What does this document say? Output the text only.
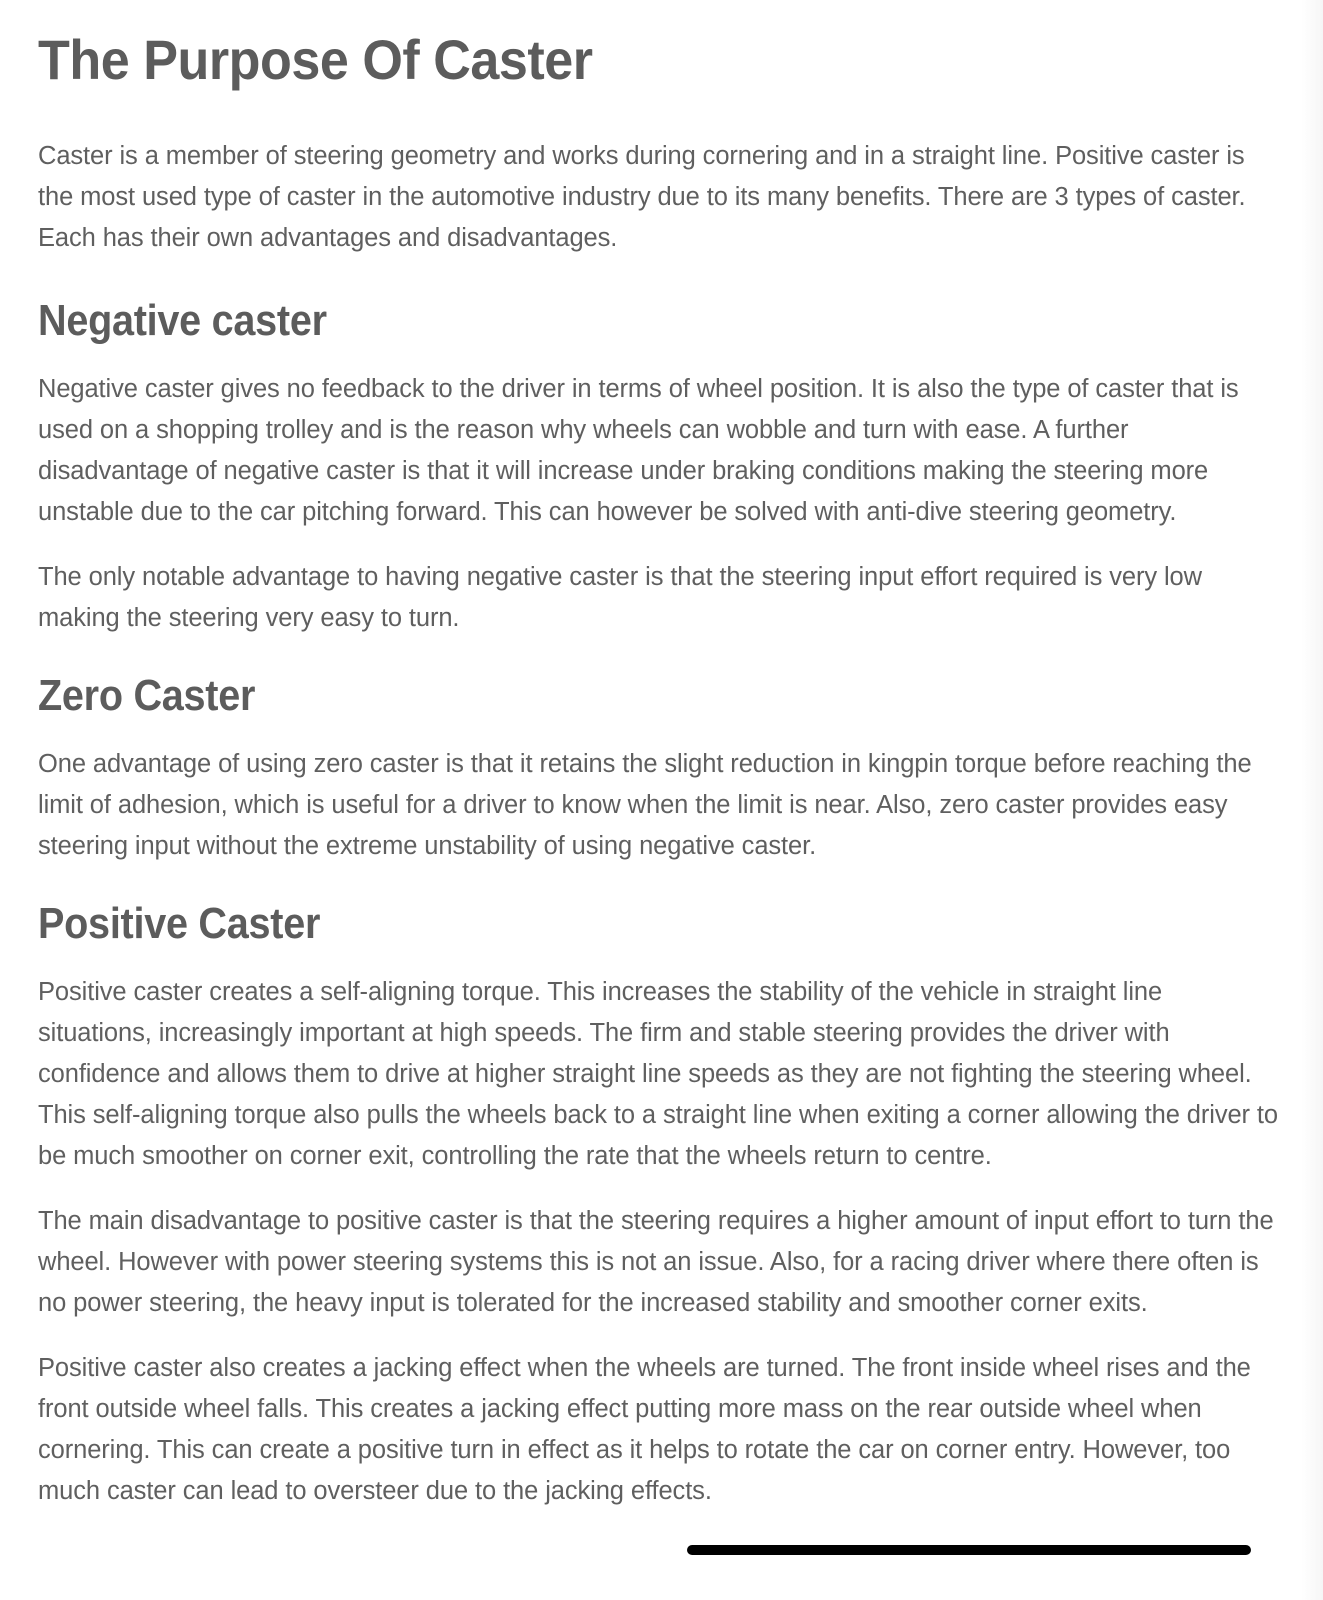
The Purpose Of Caster

Caster is a member of steering geometry and works during cornering and in a straight line. Positive caster is the most used type of caster in the automotive industry due to its many benefits. There are 3 types of caster. Each has their own advantages and disadvantages.

Negative caster

Negative caster gives no feedback to the driver in terms of wheel position. It is also the type of caster that is used on a shopping trolley and is the reason why wheels can wobble and turn with ease. A further disadvantage of negative caster is that it will increase under braking conditions making the steering more unstable due to the car pitching forward. This can however be solved with anti-dive steering geometry.

The only notable advantage to having negative caster is that the steering input effort required is very low making the steering very easy to turn.

Zero Caster

One advantage of using zero caster is that it retains the slight reduction in kingpin torque before reaching the limit of adhesion, which is useful for a driver to know when the limit is near. Also, zero caster provides easy steering input without the extreme unstability of using negative caster.

Positive Caster

Positive caster creates a self-aligning torque. This increases the stability of the vehicle in straight line situations, increasingly important at high speeds. The firm and stable steering provides the driver with confidence and allows them to drive at higher straight line speeds as they are not fighting the steering wheel. This self-aligning torque also pulls the wheels back to a straight line when exiting a corner allowing the driver to be much smoother on corner exit, controlling the rate that the wheels return to centre.

The main disadvantage to positive caster is that the steering requires a higher amount of input effort to turn the wheel. However with power steering systems this is not an issue. Also, for a racing driver where there often is no power steering, the heavy input is tolerated for the increased stability and smoother corner exits.

Positive caster also creates a jacking effect when the wheels are turned. The front inside wheel rises and the front outside wheel falls. This creates a jacking effect putting more mass on the rear outside wheel when cornering. This can create a positive turn in effect as it helps to rotate the car on corner entry. However, too much caster can lead to oversteer due to the jacking effects.
